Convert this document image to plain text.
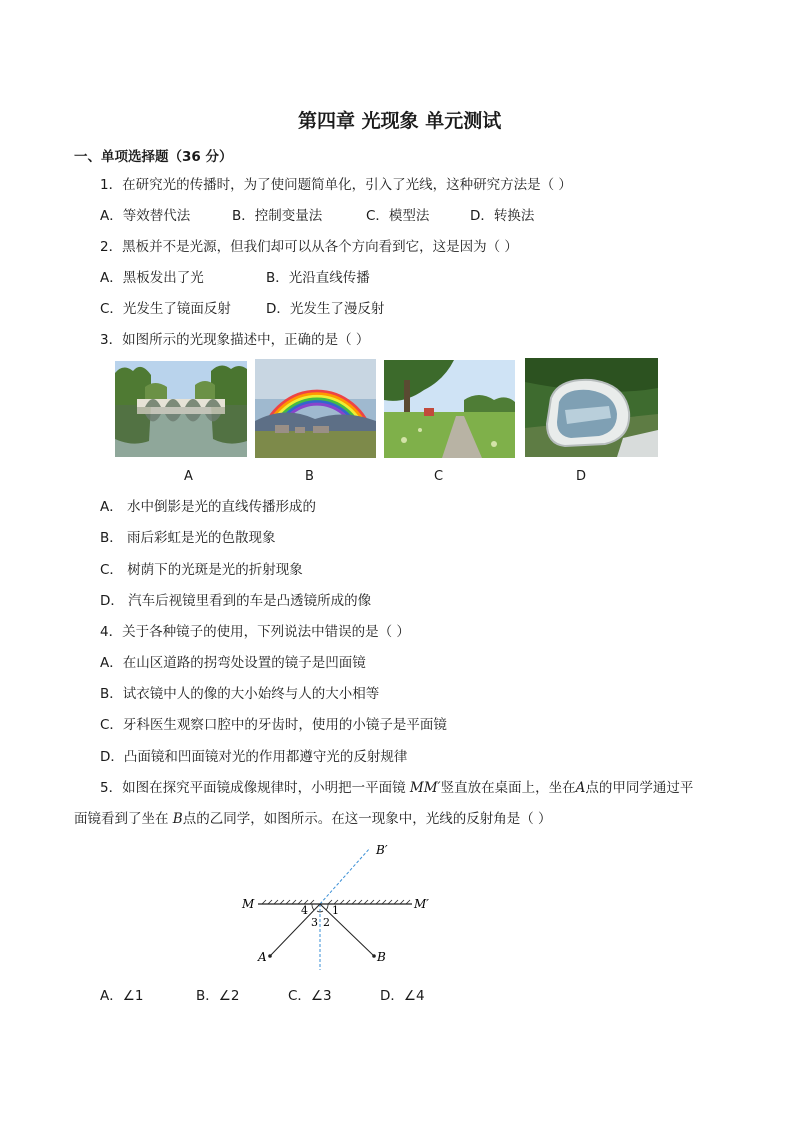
第四章 光现象 单元测试
一、单项选择题（36 分）
1．在研究光的传播时，为了使问题简单化，引入了光线，这种研究方法是（ ）
A．等效替代法	B．控制变量法	C．模型法	D．转换法
2．黑板并不是光源，但我们却可以从各个方向看到它，这是因为（ ）
A．黑板发出了光	B．光沿直线传播
C．光发生了镜面反射	D．光发生了漫反射
3．如图所示的光现象描述中，正确的是（ ）
A	B	C	D
A． 水中倒影是光的直线传播形成的
B． 雨后彩虹是光的色散现象
C． 树荫下的光斑是光的折射现象
D． 汽车后视镜里看到的车是凸透镜所成的像
4．关于各种镜子的使用，下列说法中错误的是（ ）
A．在山区道路的拐弯处设置的镜子是凹面镜
B．试衣镜中人的像的大小始终与人的大小相等
C．牙科医生观察口腔中的牙齿时，使用的小镜子是平面镜
D．凸面镜和凹面镜对光的作用都遵守光的反射规律
5．如图在探究平面镜成像规律时，小明把一平面镜 MM′竖直放在桌面上，坐在A点的甲同学通过平
面镜看到了坐在 B点的乙同学，如图所示。在这一现象中，光线的反射角是（ ）
B′
M	M′
A	B
4 1
3 2
A．∠1	B．∠2	C．∠3	D．∠4
